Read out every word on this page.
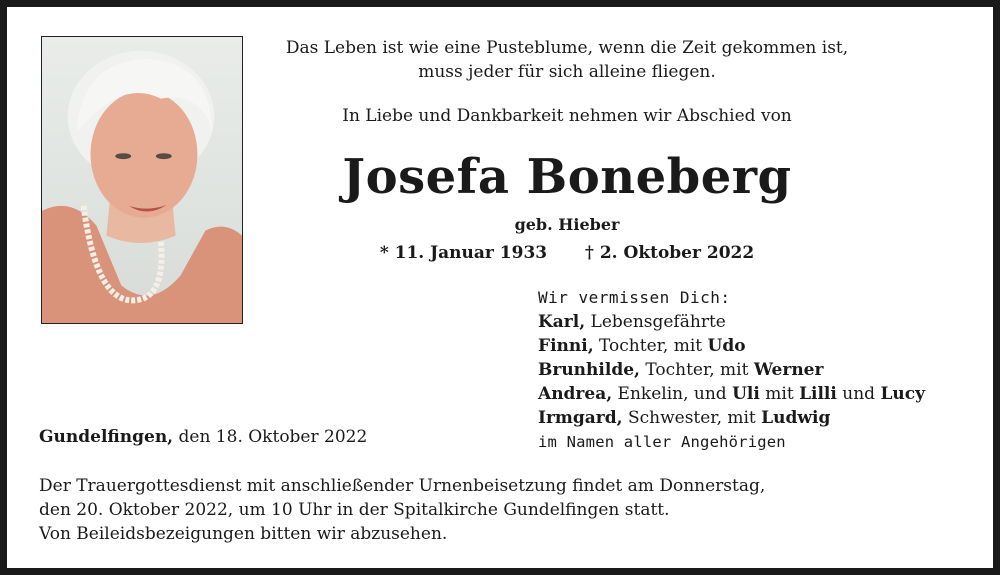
Das Leben ist wie eine Pusteblume, wenn die Zeit gekommen ist,
muss jeder für sich alleine fliegen.
In Liebe und Dankbarkeit nehmen wir Abschied von
Josefa Boneberg
geb. Hieber
* 11. Januar 1933 † 2. Oktober 2022
Wir vermissen Dich:
Karl, Lebensgefährte
Finni, Tochter, mit Udo
Brunhilde, Tochter, mit Werner
Andrea, Enkelin, und Uli mit Lilli und Lucy
Irmgard, Schwester, mit Ludwig
im Namen aller Angehörigen
Gundelfingen, den 18. Oktober 2022
Der Trauergottesdienst mit anschließender Urnenbeisetzung findet am Donnerstag,
den 20. Oktober 2022, um 10 Uhr in der Spitalkirche Gundelfingen statt.
Von Beileidsbezeigungen bitten wir abzusehen.
